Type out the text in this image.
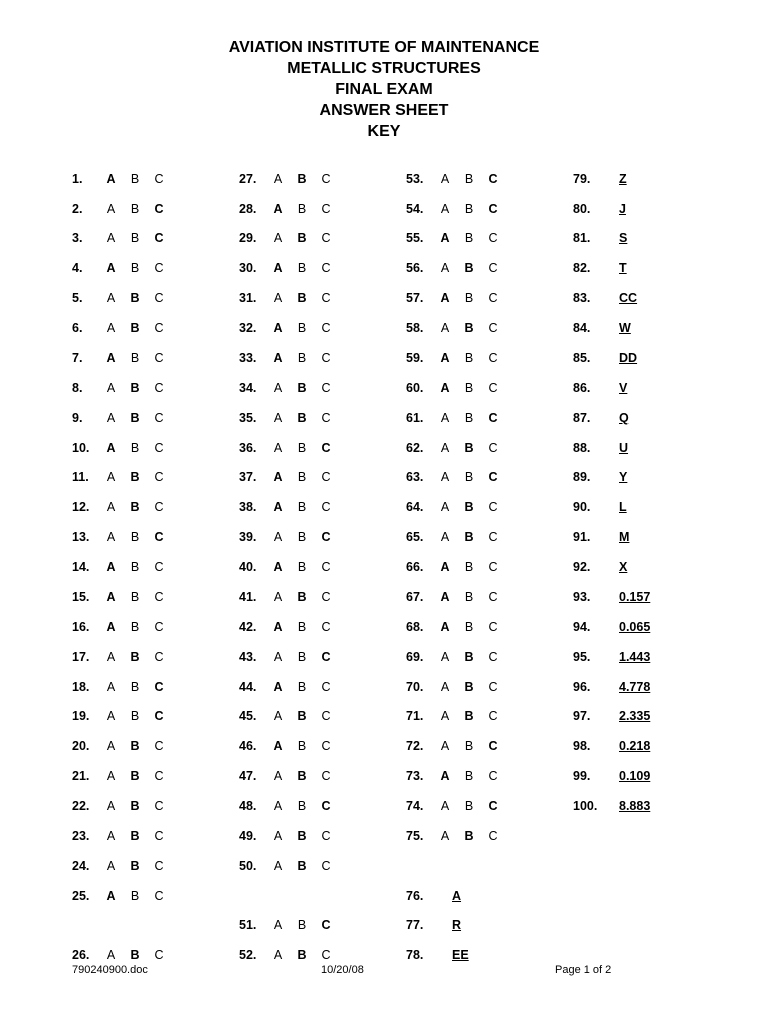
AVIATION INSTITUTE OF MAINTENANCE
METALLIC STRUCTURES
FINAL EXAM
ANSWER SHEET
KEY
1. A B C
2. A B C
3. A B C
4. A B C
5. A B C
6. A B C
7. A B C
8. A B C
9. A B C
10. A B C
11. A B C
12. A B C
13. A B C
14. A B C
15. A B C
16. A B C
17. A B C
18. A B C
19. A B C
20. A B C
21. A B C
22. A B C
23. A B C
24. A B C
25. A B C
26. A B C
27. A B C
28. A B C
29. A B C
30. A B C
31. A B C
32. A B C
33. A B C
34. A B C
35. A B C
36. A B C
37. A B C
38. A B C
39. A B C
40. A B C
41. A B C
42. A B C
43. A B C
44. A B C
45. A B C
46. A B C
47. A B C
48. A B C
49. A B C
50. A B C
51. A B C
52. A B C
53. A B C
54. A B C
55. A B C
56. A B C
57. A B C
58. A B C
59. A B C
60. A B C
61. A B C
62. A B C
63. A B C
64. A B C
65. A B C
66. A B C
67. A B C
68. A B C
69. A B C
70. A B C
71. A B C
72. A B C
73. A B C
74. A B C
75. A B C
76. A
77. R
78. EE
79. Z
80. J
81. S
82. T
83. CC
84. W
85. DD
86. V
87. Q
88. U
89. Y
90. L
91. M
92. X
93. 0.157
94. 0.065
95. 1.443
96. 4.778
97. 2.335
98. 0.218
99. 0.109
100. 8.883
790240900.doc	10/20/08	Page 1 of 2
